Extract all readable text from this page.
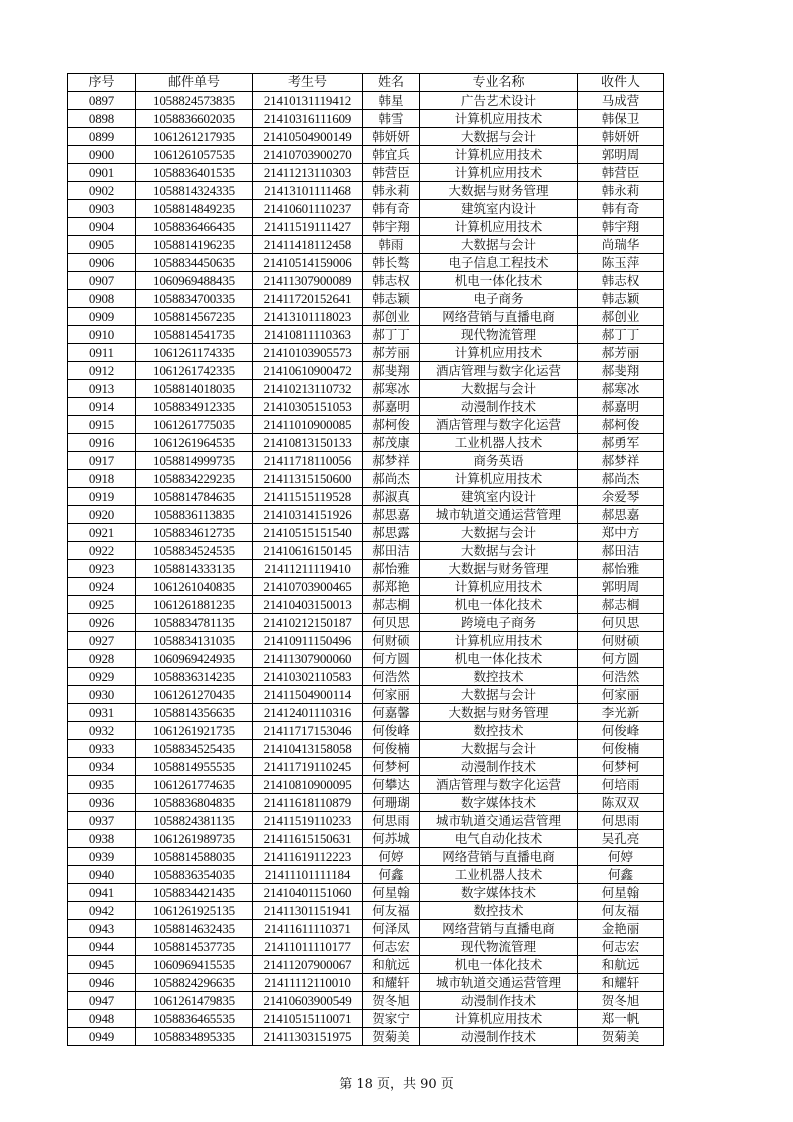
序号	邮件单号	考生号	姓名	专业名称	收件人
0897	1058824573835	21410131119412	韩星	广告艺术设计	马成营
0898	1058836602035	21410316111609	韩雪	计算机应用技术	韩保卫
0899	1061261217935	21410504900149	韩妍妍	大数据与会计	韩妍妍
0900	1061261057535	21410703900270	韩宜兵	计算机应用技术	郭明周
0901	1058836401535	21411213110303	韩营臣	计算机应用技术	韩营臣
0902	1058814324335	21413101111468	韩永莉	大数据与财务管理	韩永莉
0903	1058814849235	21410601110237	韩有奇	建筑室内设计	韩有奇
0904	1058836466435	21411519111427	韩宇翔	计算机应用技术	韩宇翔
0905	1058814196235	21411418112458	韩雨	大数据与会计	尚瑞华
0906	1058834450635	21410514159006	韩长骜	电子信息工程技术	陈玉萍
0907	1060969488435	21411307900089	韩志权	机电一体化技术	韩志权
0908	1058834700335	21411720152641	韩志颖	电子商务	韩志颖
0909	1058814567235	21413101118023	郝创业	网络营销与直播电商	郝创业
0910	1058814541735	21410811110363	郝丁丁	现代物流管理	郝丁丁
0911	1061261174335	21410103905573	郝芳丽	计算机应用技术	郝芳丽
0912	1061261742335	21410610900472	郝斐翔	酒店管理与数字化运营	郝斐翔
0913	1058814018035	21410213110732	郝寒冰	大数据与会计	郝寒冰
0914	1058834912335	21410305151053	郝嘉明	动漫制作技术	郝嘉明
0915	1061261775035	21411010900085	郝柯俊	酒店管理与数字化运营	郝柯俊
0916	1061261964535	21410813150133	郝茂康	工业机器人技术	郝勇军
0917	1058814999735	21411718110056	郝梦祥	商务英语	郝梦祥
0918	1058834229235	21411315150600	郝尚杰	计算机应用技术	郝尚杰
0919	1058814784635	21411515119528	郝淑真	建筑室内设计	余爱琴
0920	1058836113835	21410314151926	郝思嘉	城市轨道交通运营管理	郝思嘉
0921	1058834612735	21410515151540	郝思露	大数据与会计	郑中方
0922	1058834524535	21410616150145	郝田洁	大数据与会计	郝田洁
0923	1058814333135	21411211119410	郝怡雅	大数据与财务管理	郝怡雅
0924	1061261040835	21410703900465	郝郑艳	计算机应用技术	郭明周
0925	1061261881235	21410403150013	郝志榈	机电一体化技术	郝志榈
0926	1058834781135	21410212150187	何贝思	跨境电子商务	何贝思
0927	1058834131035	21410911150496	何财硕	计算机应用技术	何财硕
0928	1060969424935	21411307900060	何方圆	机电一体化技术	何方圆
0929	1058836314235	21410302110583	何浩然	数控技术	何浩然
0930	1061261270435	21411504900114	何家丽	大数据与会计	何家丽
0931	1058814356635	21412401110316	何嘉馨	大数据与财务管理	李光新
0932	1061261921735	21411717153046	何俊峰	数控技术	何俊峰
0933	1058834525435	21410413158058	何俊楠	大数据与会计	何俊楠
0934	1058814955535	21411719110245	何梦柯	动漫制作技术	何梦柯
0935	1061261774635	21410810900095	何攀达	酒店管理与数字化运营	何培雨
0936	1058836804835	21411618110879	何珊瑚	数字媒体技术	陈双双
0937	1058824381135	21411519110233	何思雨	城市轨道交通运营管理	何思雨
0938	1061261989735	21411615150631	何苏城	电气自动化技术	吴孔亮
0939	1058814588035	21411619112223	何婷	网络营销与直播电商	何婷
0940	1058836354035	21411101111184	何鑫	工业机器人技术	何鑫
0941	1058834421435	21410401151060	何星翰	数字媒体技术	何星翰
0942	1061261925135	21411301151941	何友福	数控技术	何友福
0943	1058814632435	21411611110371	何泽凤	网络营销与直播电商	金艳丽
0944	1058814537735	21411011110177	何志宏	现代物流管理	何志宏
0945	1060969415535	21411207900067	和航远	机电一体化技术	和航远
0946	1058824296635	21411112110010	和耀轩	城市轨道交通运营管理	和耀轩
0947	1061261479835	21410603900549	贺冬旭	动漫制作技术	贺冬旭
0948	1058836465535	21410515110071	贺家宁	计算机应用技术	郑一帆
0949	1058834895335	21411303151975	贺菊美	动漫制作技术	贺菊美
第 18 页，共 90 页
